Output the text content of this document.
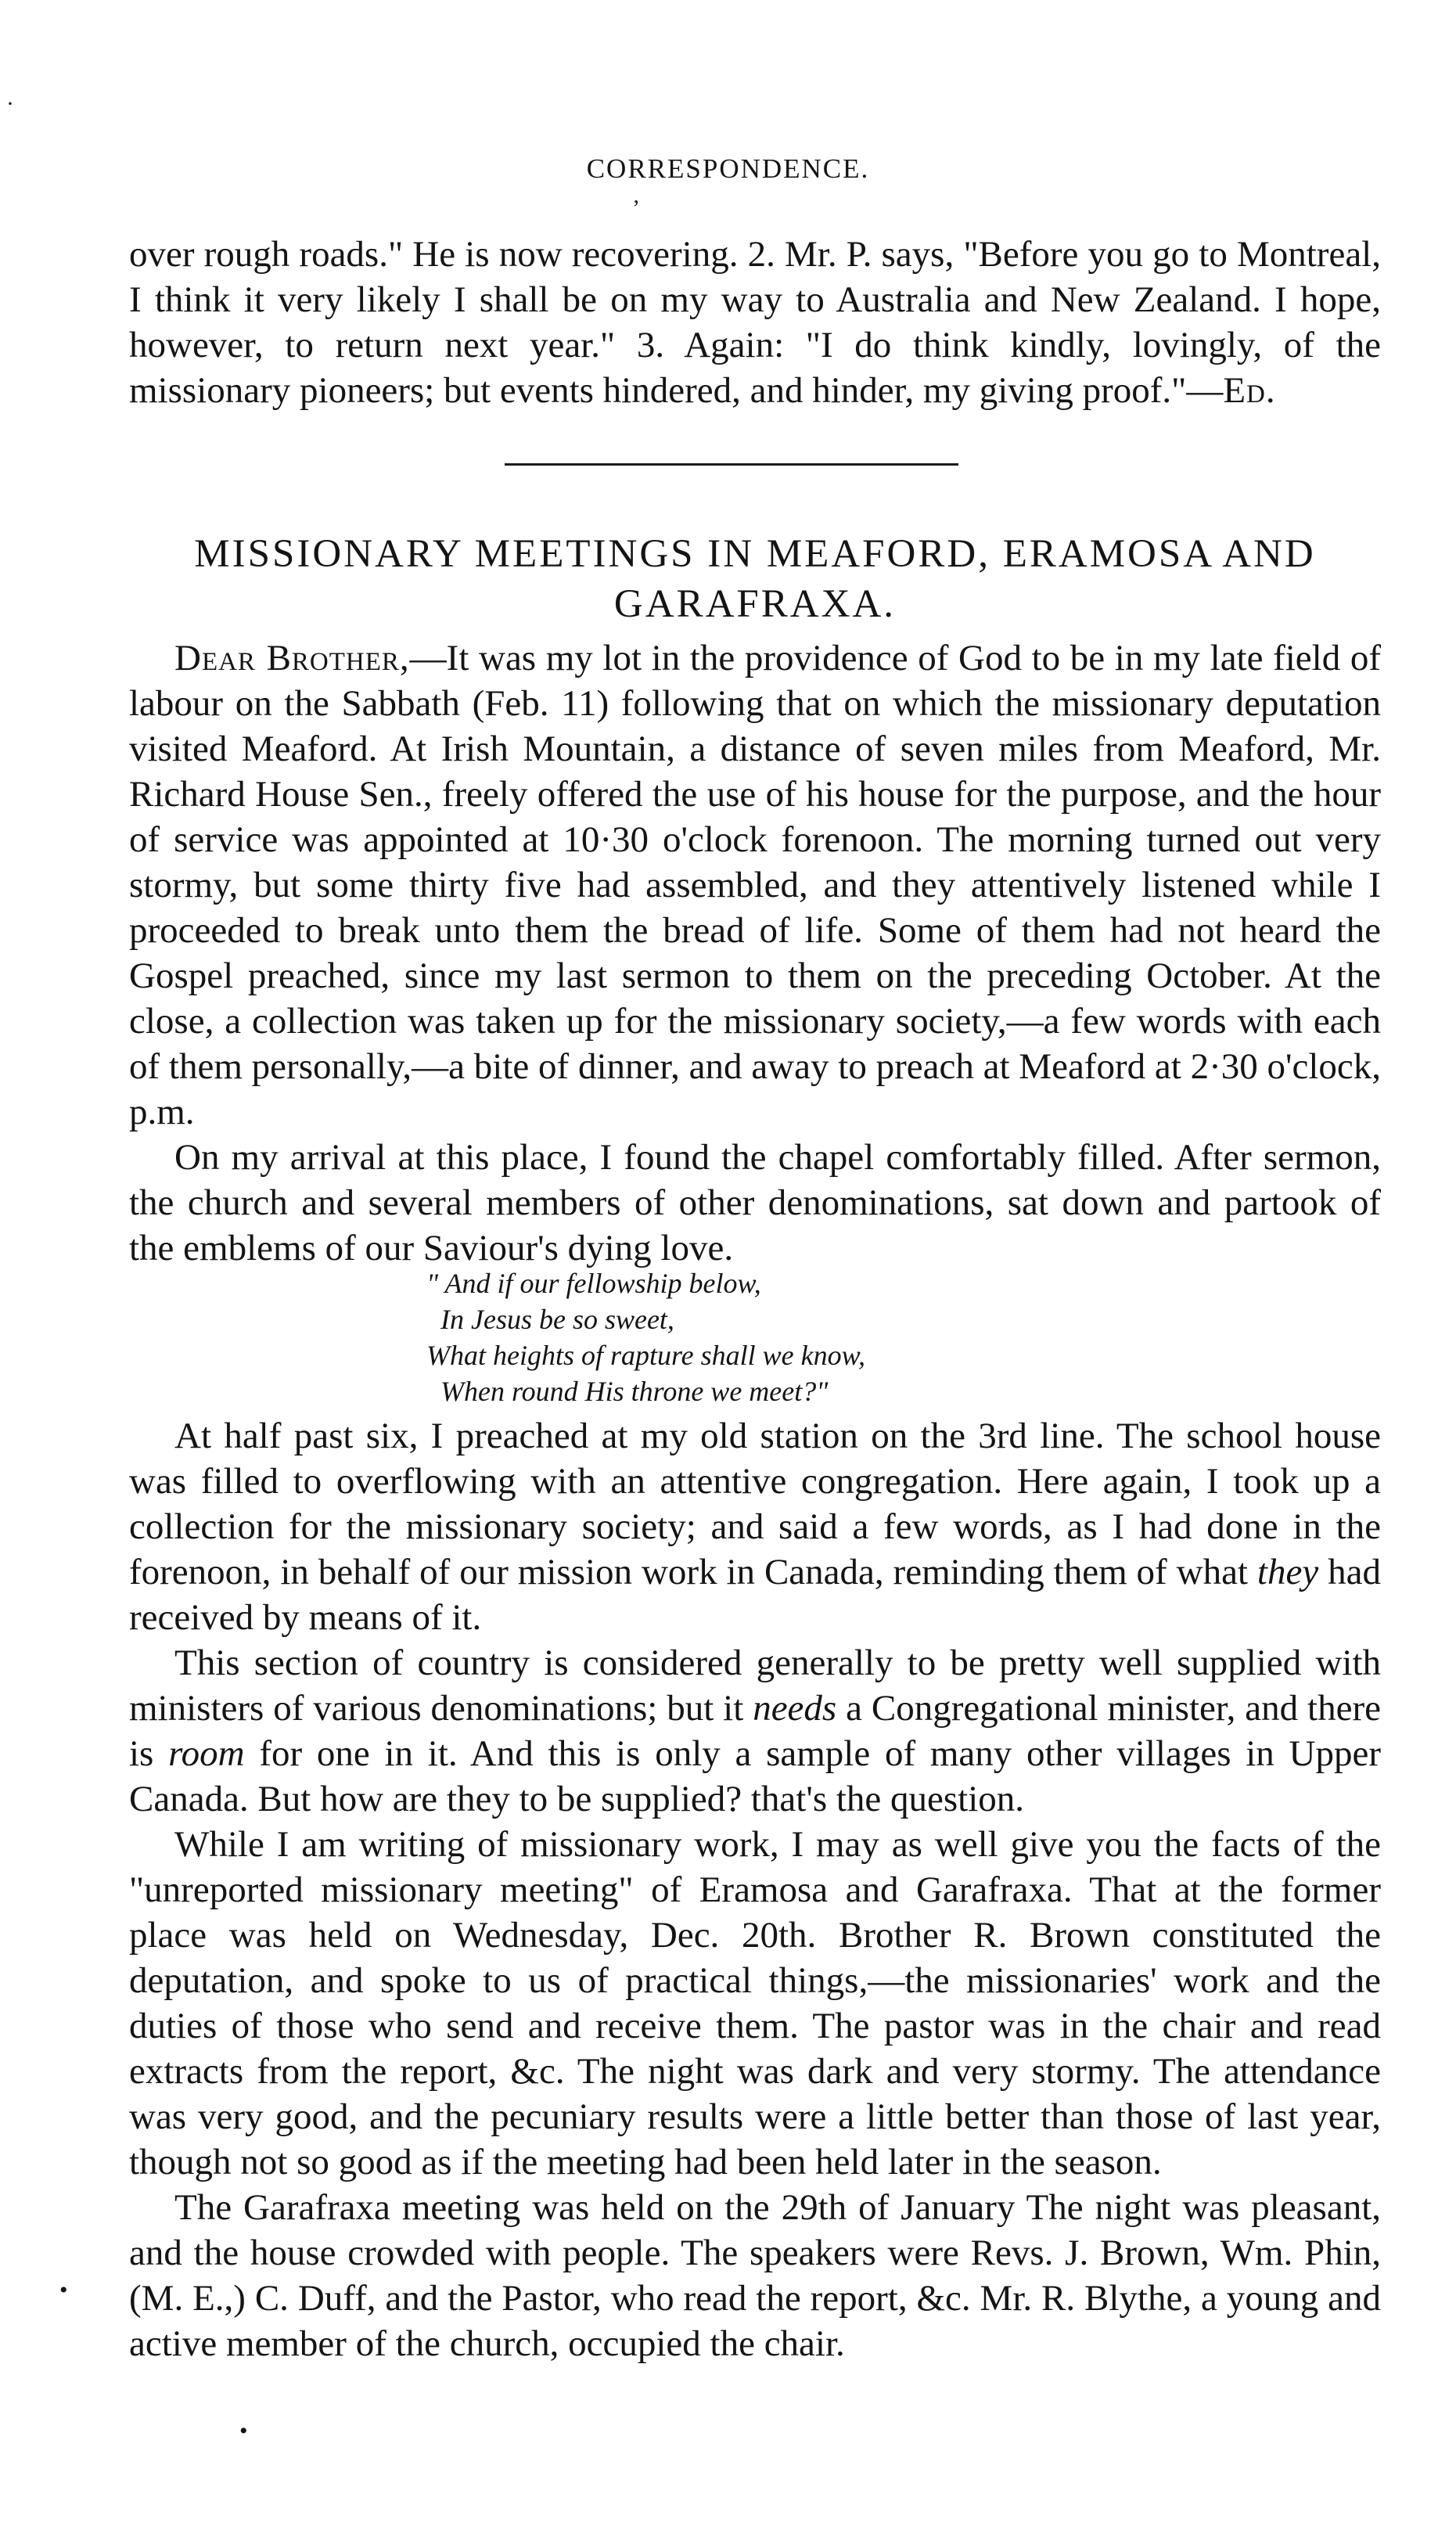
·
CORRESPONDENCE.
ʼ

over rough roads." He is now recovering. 2. Mr. P. says, "Before you go to Montreal, I think it very likely I shall be on my way to Australia and New Zealand. I hope, however, to return next year." 3. Again: "I do think kindly, lovingly, of the missionary pioneers; but events hindered, and hinder, my giving proof."—Ed.

MISSIONARY MEETINGS IN MEAFORD, ERAMOSA AND GARAFRAXA.

Dear Brother,—It was my lot in the providence of God to be in my late field of labour on the Sabbath (Feb. 11) following that on which the missionary deputation visited Meaford. At Irish Mountain, a distance of seven miles from Meaford, Mr. Richard House Sen., freely offered the use of his house for the purpose, and the hour of service was appointed at 10·30 o'clock forenoon. The morning turned out very stormy, but some thirty five had assembled, and they attentively listened while I proceeded to break unto them the bread of life. Some of them had not heard the Gospel preached, since my last sermon to them on the preceding October. At the close, a collection was taken up for the missionary society,—a few words with each of them personally,—a bite of dinner, and away to preach at Meaford at 2·30 o'clock, p.m.

On my arrival at this place, I found the chapel comfortably filled. After sermon, the church and several members of other denominations, sat down and partook of the emblems of our Saviour's dying love.

" And if our fellowship below,
In Jesus be so sweet,
What heights of rapture shall we know,
When round His throne we meet?"

At half past six, I preached at my old station on the 3rd line. The school house was filled to overflowing with an attentive congregation. Here again, I took up a collection for the missionary society; and said a few words, as I had done in the forenoon, in behalf of our mission work in Canada, reminding them of what they had received by means of it.

This section of country is considered generally to be pretty well supplied with ministers of various denominations; but it needs a Congregational minister, and there is room for one in it. And this is only a sample of many other villages in Upper Canada. But how are they to be supplied? that's the question.

While I am writing of missionary work, I may as well give you the facts of the "unreported missionary meeting" of Eramosa and Garafraxa. That at the former place was held on Wednesday, Dec. 20th. Brother R. Brown constituted the deputation, and spoke to us of practical things,—the missionaries' work and the duties of those who send and receive them. The pastor was in the chair and read extracts from the report, &c. The night was dark and very stormy. The attendance was very good, and the pecuniary results were a little better than those of last year, though not so good as if the meeting had been held later in the season.

The Garafraxa meeting was held on the 29th of January The night was pleasant, and the house crowded with people. The speakers were Revs. J. Brown, Wm. Phin, (M. E.,) C. Duff, and the Pastor, who read the report, &c. Mr. R. Blythe, a young and active member of the church, occupied the chair.

•
•
